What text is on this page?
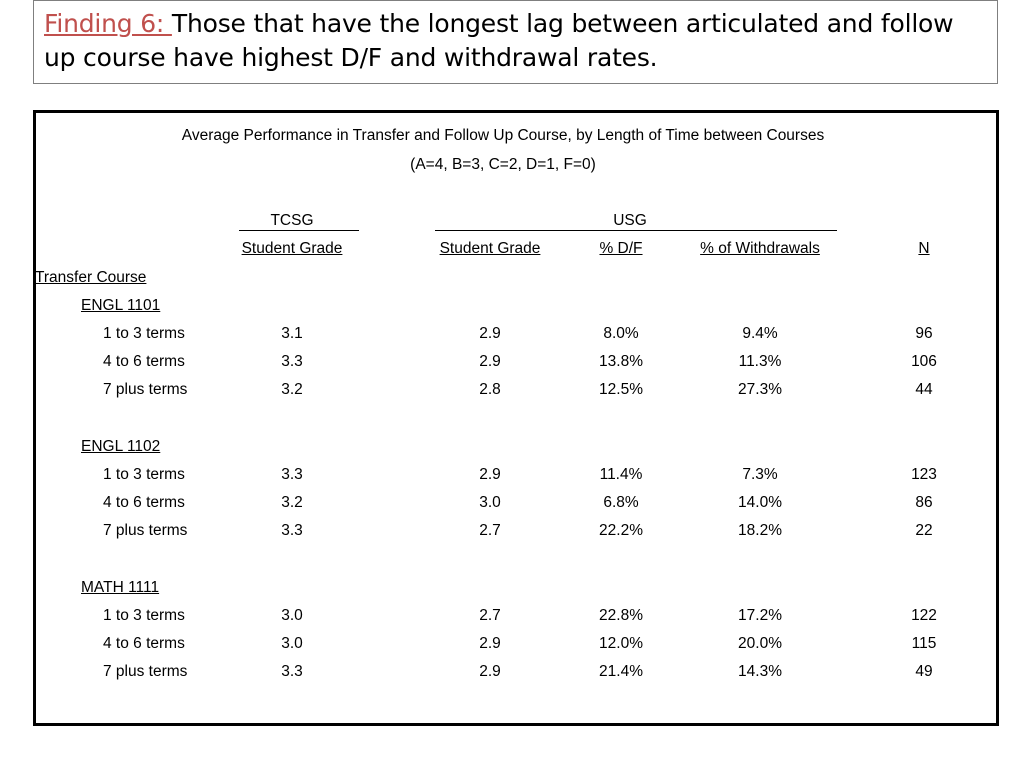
Finding 6: Those that have the longest lag between articulated and follow up course have highest D/F and withdrawal rates.
Average Performance in Transfer and Follow Up Course, by Length of Time between Courses
(A=4, B=3, C=2, D=1, F=0)
TCSG	USG
Student Grade	Student Grade	% D/F	% of Withdrawals	N
Transfer Course
ENGL 1101
1 to 3 terms	3.1	2.9	8.0%	9.4%	96
4 to 6 terms	3.3	2.9	13.8%	11.3%	106
7 plus terms	3.2	2.8	12.5%	27.3%	44
ENGL 1102
1 to 3 terms	3.3	2.9	11.4%	7.3%	123
4 to 6 terms	3.2	3.0	6.8%	14.0%	86
7 plus terms	3.3	2.7	22.2%	18.2%	22
MATH 1111
1 to 3 terms	3.0	2.7	22.8%	17.2%	122
4 to 6 terms	3.0	2.9	12.0%	20.0%	115
7 plus terms	3.3	2.9	21.4%	14.3%	49
